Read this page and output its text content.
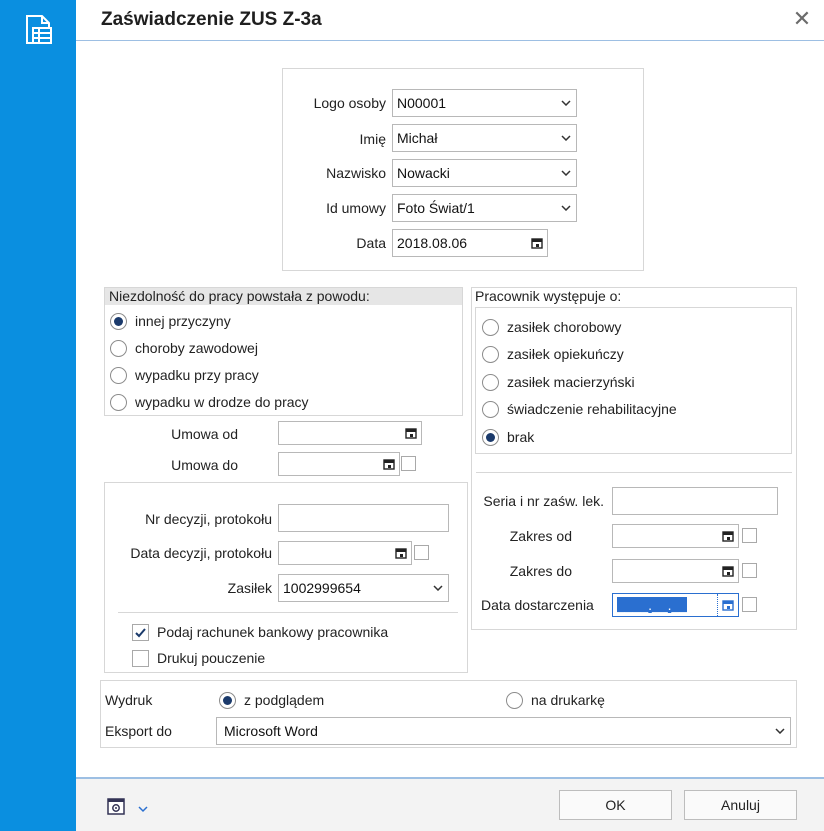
Zaświadczenie ZUS Z-3a	✕
Logo osoby N00001
Imię Michał
Nazwisko Nowacki
Id umowy Foto Świat/1
Data 2018.08.06
Niezdolność do pracy powstała z powodu:
innej przyczyny
choroby zawodowej
wypadku przy pracy
wypadku w drodze do pracy
Umowa od
Umowa do
Nr decyzji, protokołu
Data decyzji, protokołu
Zasiłek 1002999654
Podaj rachunek bankowy pracownika
Drukuj pouczenie
Pracownik występuje o:
zasiłek chorobowy
zasiłek opiekuńczy
zasiłek macierzyński
świadczenie rehabilitacyjne
brak
Seria i nr zaśw. lek.
Zakres od
Zakres do
Data dostarczenia ____.__.__
Wydruk	z podglądem	na drukarkę
Eksport do	Microsoft Word
OK	Anuluj
